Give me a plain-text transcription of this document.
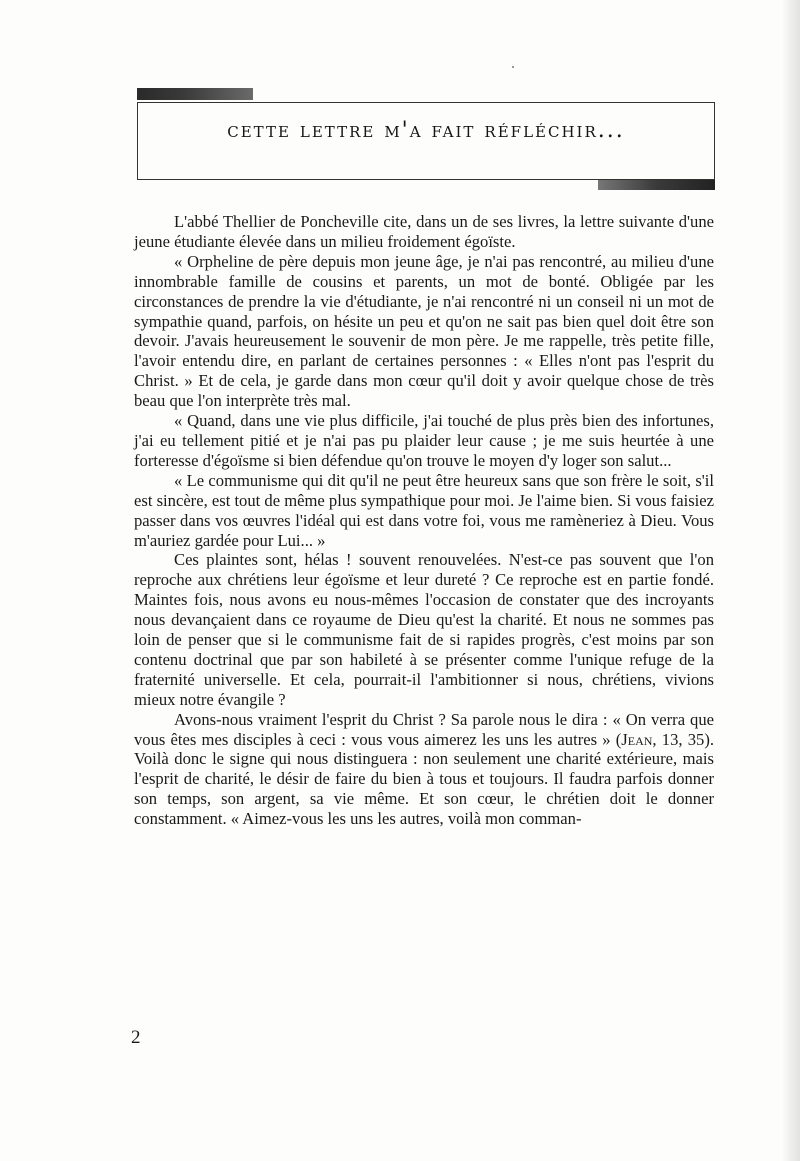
cette lettre m'a fait réfléchir...

L'abbé Thellier de Poncheville cite, dans un de ses livres, la lettre suivante d'une jeune étudiante élevée dans un milieu froidement égoïste.

« Orpheline de père depuis mon jeune âge, je n'ai pas rencontré, au milieu d'une innombrable famille de cousins et parents, un mot de bonté. Obligée par les circonstances de prendre la vie d'étudiante, je n'ai rencontré ni un conseil ni un mot de sympathie quand, parfois, on hésite un peu et qu'on ne sait pas bien quel doit être son devoir. J'avais heureusement le souvenir de mon père. Je me rappelle, très petite fille, l'avoir entendu dire, en parlant de certaines personnes : « Elles n'ont pas l'esprit du Christ. » Et de cela, je garde dans mon cœur qu'il doit y avoir quelque chose de très beau que l'on interprète très mal.

« Quand, dans une vie plus difficile, j'ai touché de plus près bien des infortunes, j'ai eu tellement pitié et je n'ai pas pu plaider leur cause ; je me suis heurtée à une forteresse d'égoïsme si bien défendue qu'on trouve le moyen d'y loger son salut...

« Le communisme qui dit qu'il ne peut être heureux sans que son frère le soit, s'il est sincère, est tout de même plus sympathique pour moi. Je l'aime bien. Si vous faisiez passer dans vos œuvres l'idéal qui est dans votre foi, vous me ramèneriez à Dieu. Vous m'auriez gardée pour Lui... »

Ces plaintes sont, hélas ! souvent renouvelées. N'est-ce pas souvent que l'on reproche aux chrétiens leur égoïsme et leur dureté ? Ce reproche est en partie fondé. Maintes fois, nous avons eu nous-mêmes l'occasion de constater que des incroyants nous devançaient dans ce royaume de Dieu qu'est la charité. Et nous ne sommes pas loin de penser que si le communisme fait de si rapides progrès, c'est moins par son contenu doctrinal que par son habileté à se présenter comme l'unique refuge de la fraternité universelle. Et cela, pourrait-il l'ambitionner si nous, chrétiens, vivions mieux notre évangile ?

Avons-nous vraiment l'esprit du Christ ? Sa parole nous le dira : « On verra que vous êtes mes disciples à ceci : vous vous aimerez les uns les autres » (Jean, 13, 35). Voilà donc le signe qui nous distinguera : non seulement une charité extérieure, mais l'esprit de charité, le désir de faire du bien à tous et toujours. Il faudra parfois donner son temps, son argent, sa vie même. Et son cœur, le chrétien doit le donner constamment. « Aimez-vous les uns les autres, voilà mon comman-

2
